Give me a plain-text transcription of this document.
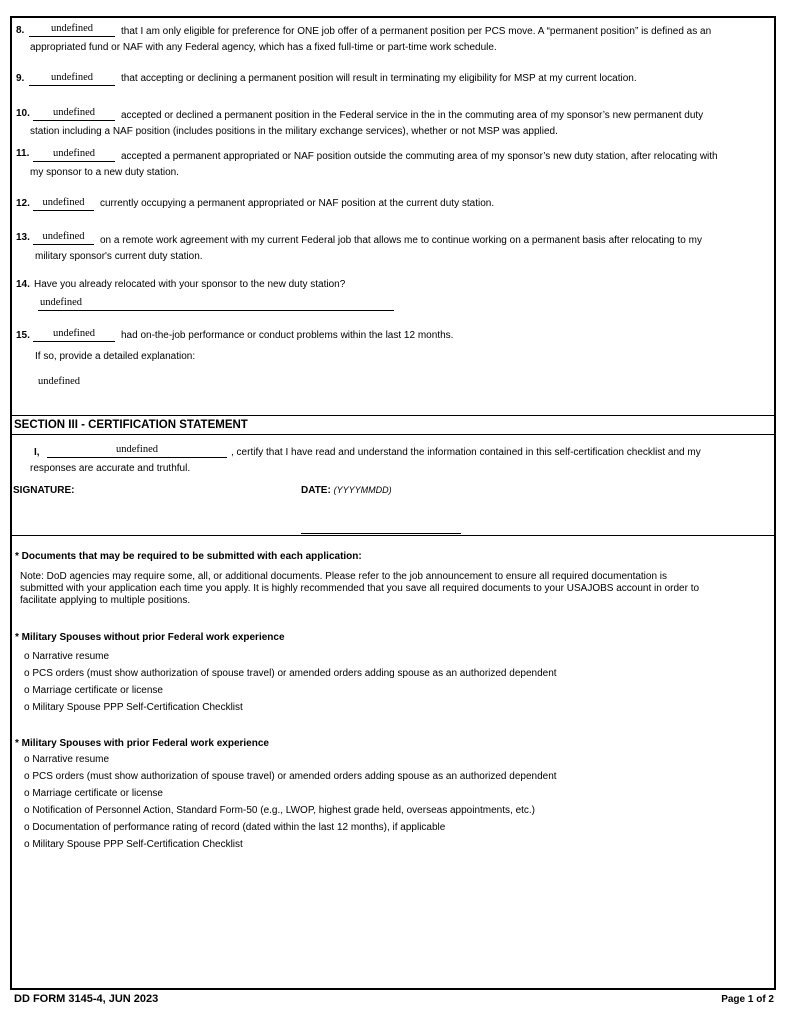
8.	undefined	that I am only eligible for preference for ONE job offer of a permanent position per PCS move. A “permanent position” is defined as an
appropriated fund or NAF with any Federal agency, which has a fixed full-time or part-time work schedule.
9.	undefined	that accepting or declining a permanent position will result in terminating my eligibility for MSP at my current location.
10.	undefined	accepted or declined a permanent position in the Federal service in the in the commuting area of my sponsor’s new permanent duty
station including a NAF position (includes positions in the military exchange services), whether or not MSP was applied.
11.	undefined	accepted a permanent appropriated or NAF position outside the commuting area of my sponsor’s new duty station, after relocating with
my sponsor to a new duty station.
12.	undefined	currently occupying a permanent appropriated or NAF position at the current duty station.
13.	undefined	on a remote work agreement with my current Federal job that allows me to continue working on a permanent basis after relocating to my
military sponsor's current duty station.
14. Have you already relocated with your sponsor to the new duty station?
undefined
15.	undefined	had on-the-job performance or conduct problems within the last 12 months.
If so, provide a detailed explanation:
undefined
SECTION III - CERTIFICATION STATEMENT
I,	undefined	, certify that I have read and understand the information contained in this self-certification checklist and my
responses are accurate and truthful.
SIGNATURE:	DATE: (YYYYMMDD)
* Documents that may be required to be submitted with each application:
Note: DoD agencies may require some, all, or additional documents. Please refer to the job announcement to ensure all required documentation is
submitted with your application each time you apply. It is highly recommended that you save all required documents to your USAJOBS account in order to
facilitate applying to multiple positions.
* Military Spouses without prior Federal work experience
o Narrative resume
o PCS orders (must show authorization of spouse travel) or amended orders adding spouse as an authorized dependent
o Marriage certificate or license
o Military Spouse PPP Self-Certification Checklist
* Military Spouses with prior Federal work experience
o Narrative resume
o PCS orders (must show authorization of spouse travel) or amended orders adding spouse as an authorized dependent
o Marriage certificate or license
o Notification of Personnel Action, Standard Form-50 (e.g., LWOP, highest grade held, overseas appointments, etc.)
o Documentation of performance rating of record (dated within the last 12 months), if applicable
o Military Spouse PPP Self-Certification Checklist
DD FORM 3145-4, JUN 2023	Page 1 of 2
